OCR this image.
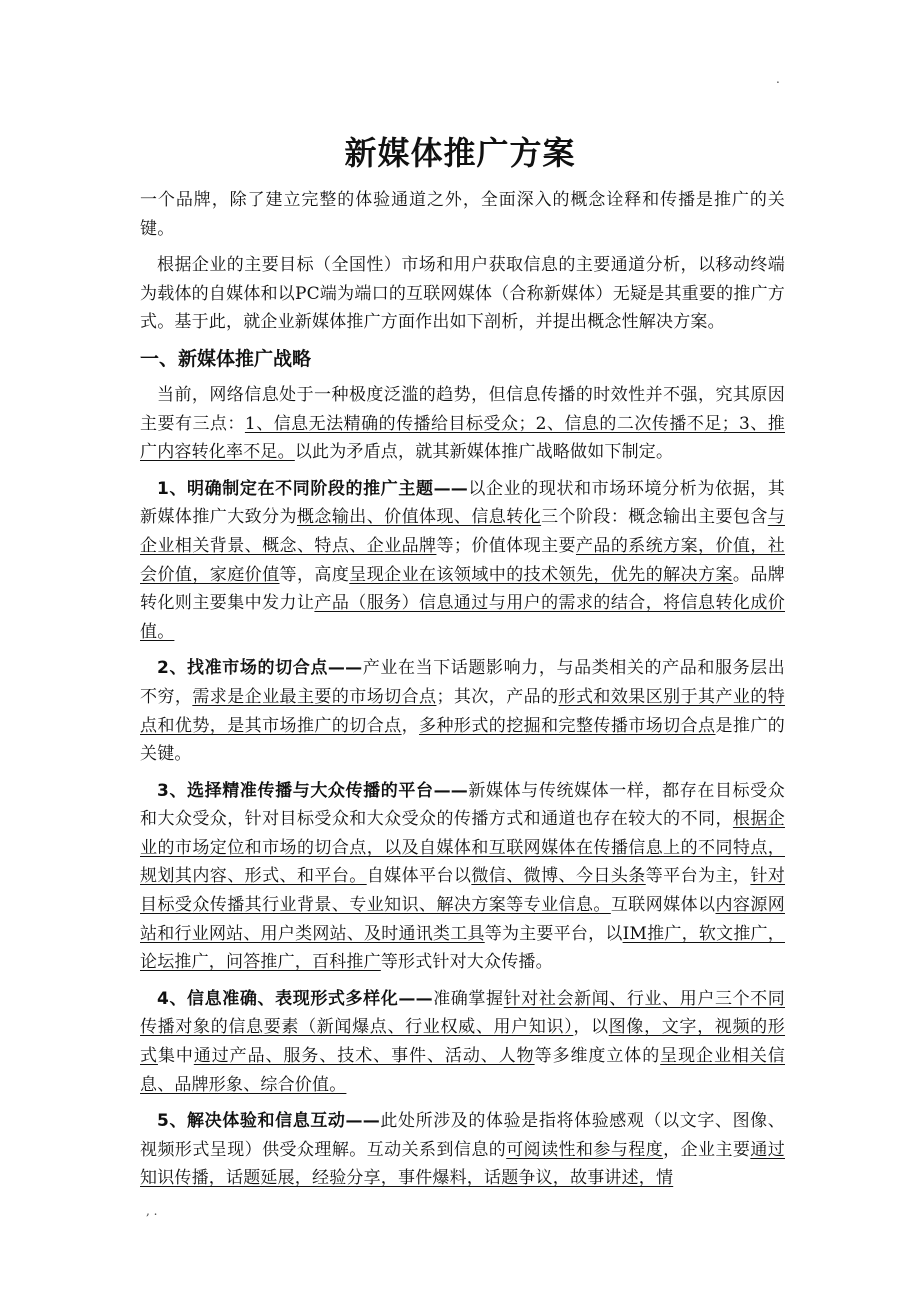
.
新媒体推广方案

一个品牌，除了建立完整的体验通道之外，全面深入的概念诠释和传播是推广的关键。

根据企业的主要目标（全国性）市场和用户获取信息的主要通道分析，以移动终端为载体的自媒体和以PC端为端口的互联网媒体（合称新媒体）无疑是其重要的推广方式。基于此，就企业新媒体推广方面作出如下剖析，并提出概念性解决方案。

一、新媒体推广战略

当前，网络信息处于一种极度泛滥的趋势，但信息传播的时效性并不强，究其原因主要有三点：1、信息无法精确的传播给目标受众；2、信息的二次传播不足；3、推广内容转化率不足。以此为矛盾点，就其新媒体推广战略做如下制定。

1、明确制定在不同阶段的推广主题——以企业的现状和市场环境分析为依据，其新媒体推广大致分为概念输出、价值体现、信息转化三个阶段：概念输出主要包含与企业相关背景、概念、特点、企业品牌等；价值体现主要产品的系统方案，价值，社会价值，家庭价值等，高度呈现企业在该领域中的技术领先，优先的解决方案。品牌转化则主要集中发力让产品（服务）信息通过与用户的需求的结合，将信息转化成价值。

2、找准市场的切合点——产业在当下话题影响力，与品类相关的产品和服务层出不穷，需求是企业最主要的市场切合点；其次，产品的形式和效果区别于其产业的特点和优势，是其市场推广的切合点，多种形式的挖掘和完整传播市场切合点是推广的关键。

3、选择精准传播与大众传播的平台——新媒体与传统媒体一样，都存在目标受众和大众受众，针对目标受众和大众受众的传播方式和通道也存在较大的不同，根据企业的市场定位和市场的切合点，以及自媒体和互联网媒体在传播信息上的不同特点，规划其内容、形式、和平台。自媒体平台以微信、微博、今日头条等平台为主，针对目标受众传播其行业背景、专业知识、解决方案等专业信息。互联网媒体以内容源网站和行业网站、用户类网站、及时通讯类工具等为主要平台，以IM推广，软文推广，论坛推广，问答推广，百科推广等形式针对大众传播。

4、信息准确、表现形式多样化——准确掌握针对社会新闻、行业、用户三个不同传播对象的信息要素（新闻爆点、行业权威、用户知识），以图像，文字，视频的形式集中通过产品、服务、技术、事件、活动、人物等多维度立体的呈现企业相关信息、品牌形象、综合价值。

5、解决体验和信息互动——此处所涉及的体验是指将体验感观（以文字、图像、视频形式呈现）供受众理解。互动关系到信息的可阅读性和参与程度，企业主要通过知识传播，话题延展，经验分享，事件爆料，话题争议，故事讲述，情

, .
